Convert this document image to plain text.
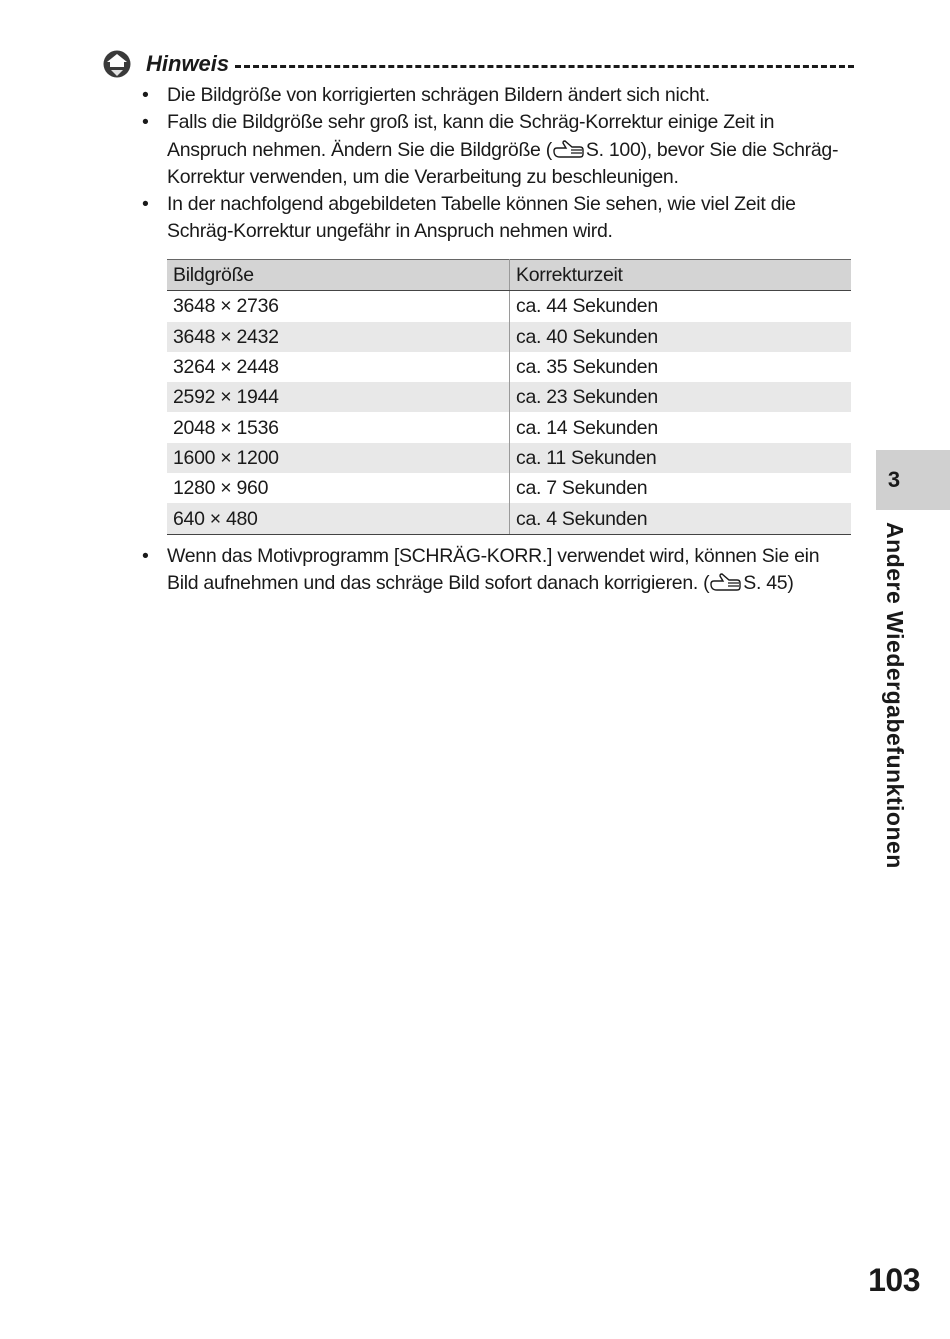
Hinweis
• Die Bildgröße von korrigierten schrägen Bildern ändert sich nicht.
• Falls die Bildgröße sehr groß ist, kann die Schräg-Korrektur einige Zeit in Anspruch nehmen. Ändern Sie die Bildgröße ( S. 100), bevor Sie die Schräg-Korrektur verwenden, um die Verarbeitung zu beschleunigen.
• In der nachfolgend abgebildeten Tabelle können Sie sehen, wie viel Zeit die Schräg-Korrektur ungefähr in Anspruch nehmen wird.
Bildgröße	Korrekturzeit
3648 × 2736	ca. 44 Sekunden
3648 × 2432	ca. 40 Sekunden
3264 × 2448	ca. 35 Sekunden
2592 × 1944	ca. 23 Sekunden
2048 × 1536	ca. 14 Sekunden
1600 × 1200	ca. 11 Sekunden
1280 × 960	ca. 7 Sekunden
640 × 480	ca. 4 Sekunden
• Wenn das Motivprogramm [SCHRÄG-KORR.] verwendet wird, können Sie ein Bild aufnehmen und das schräge Bild sofort danach korrigieren. ( S. 45)
3
Andere Wiedergabefunktionen
103
